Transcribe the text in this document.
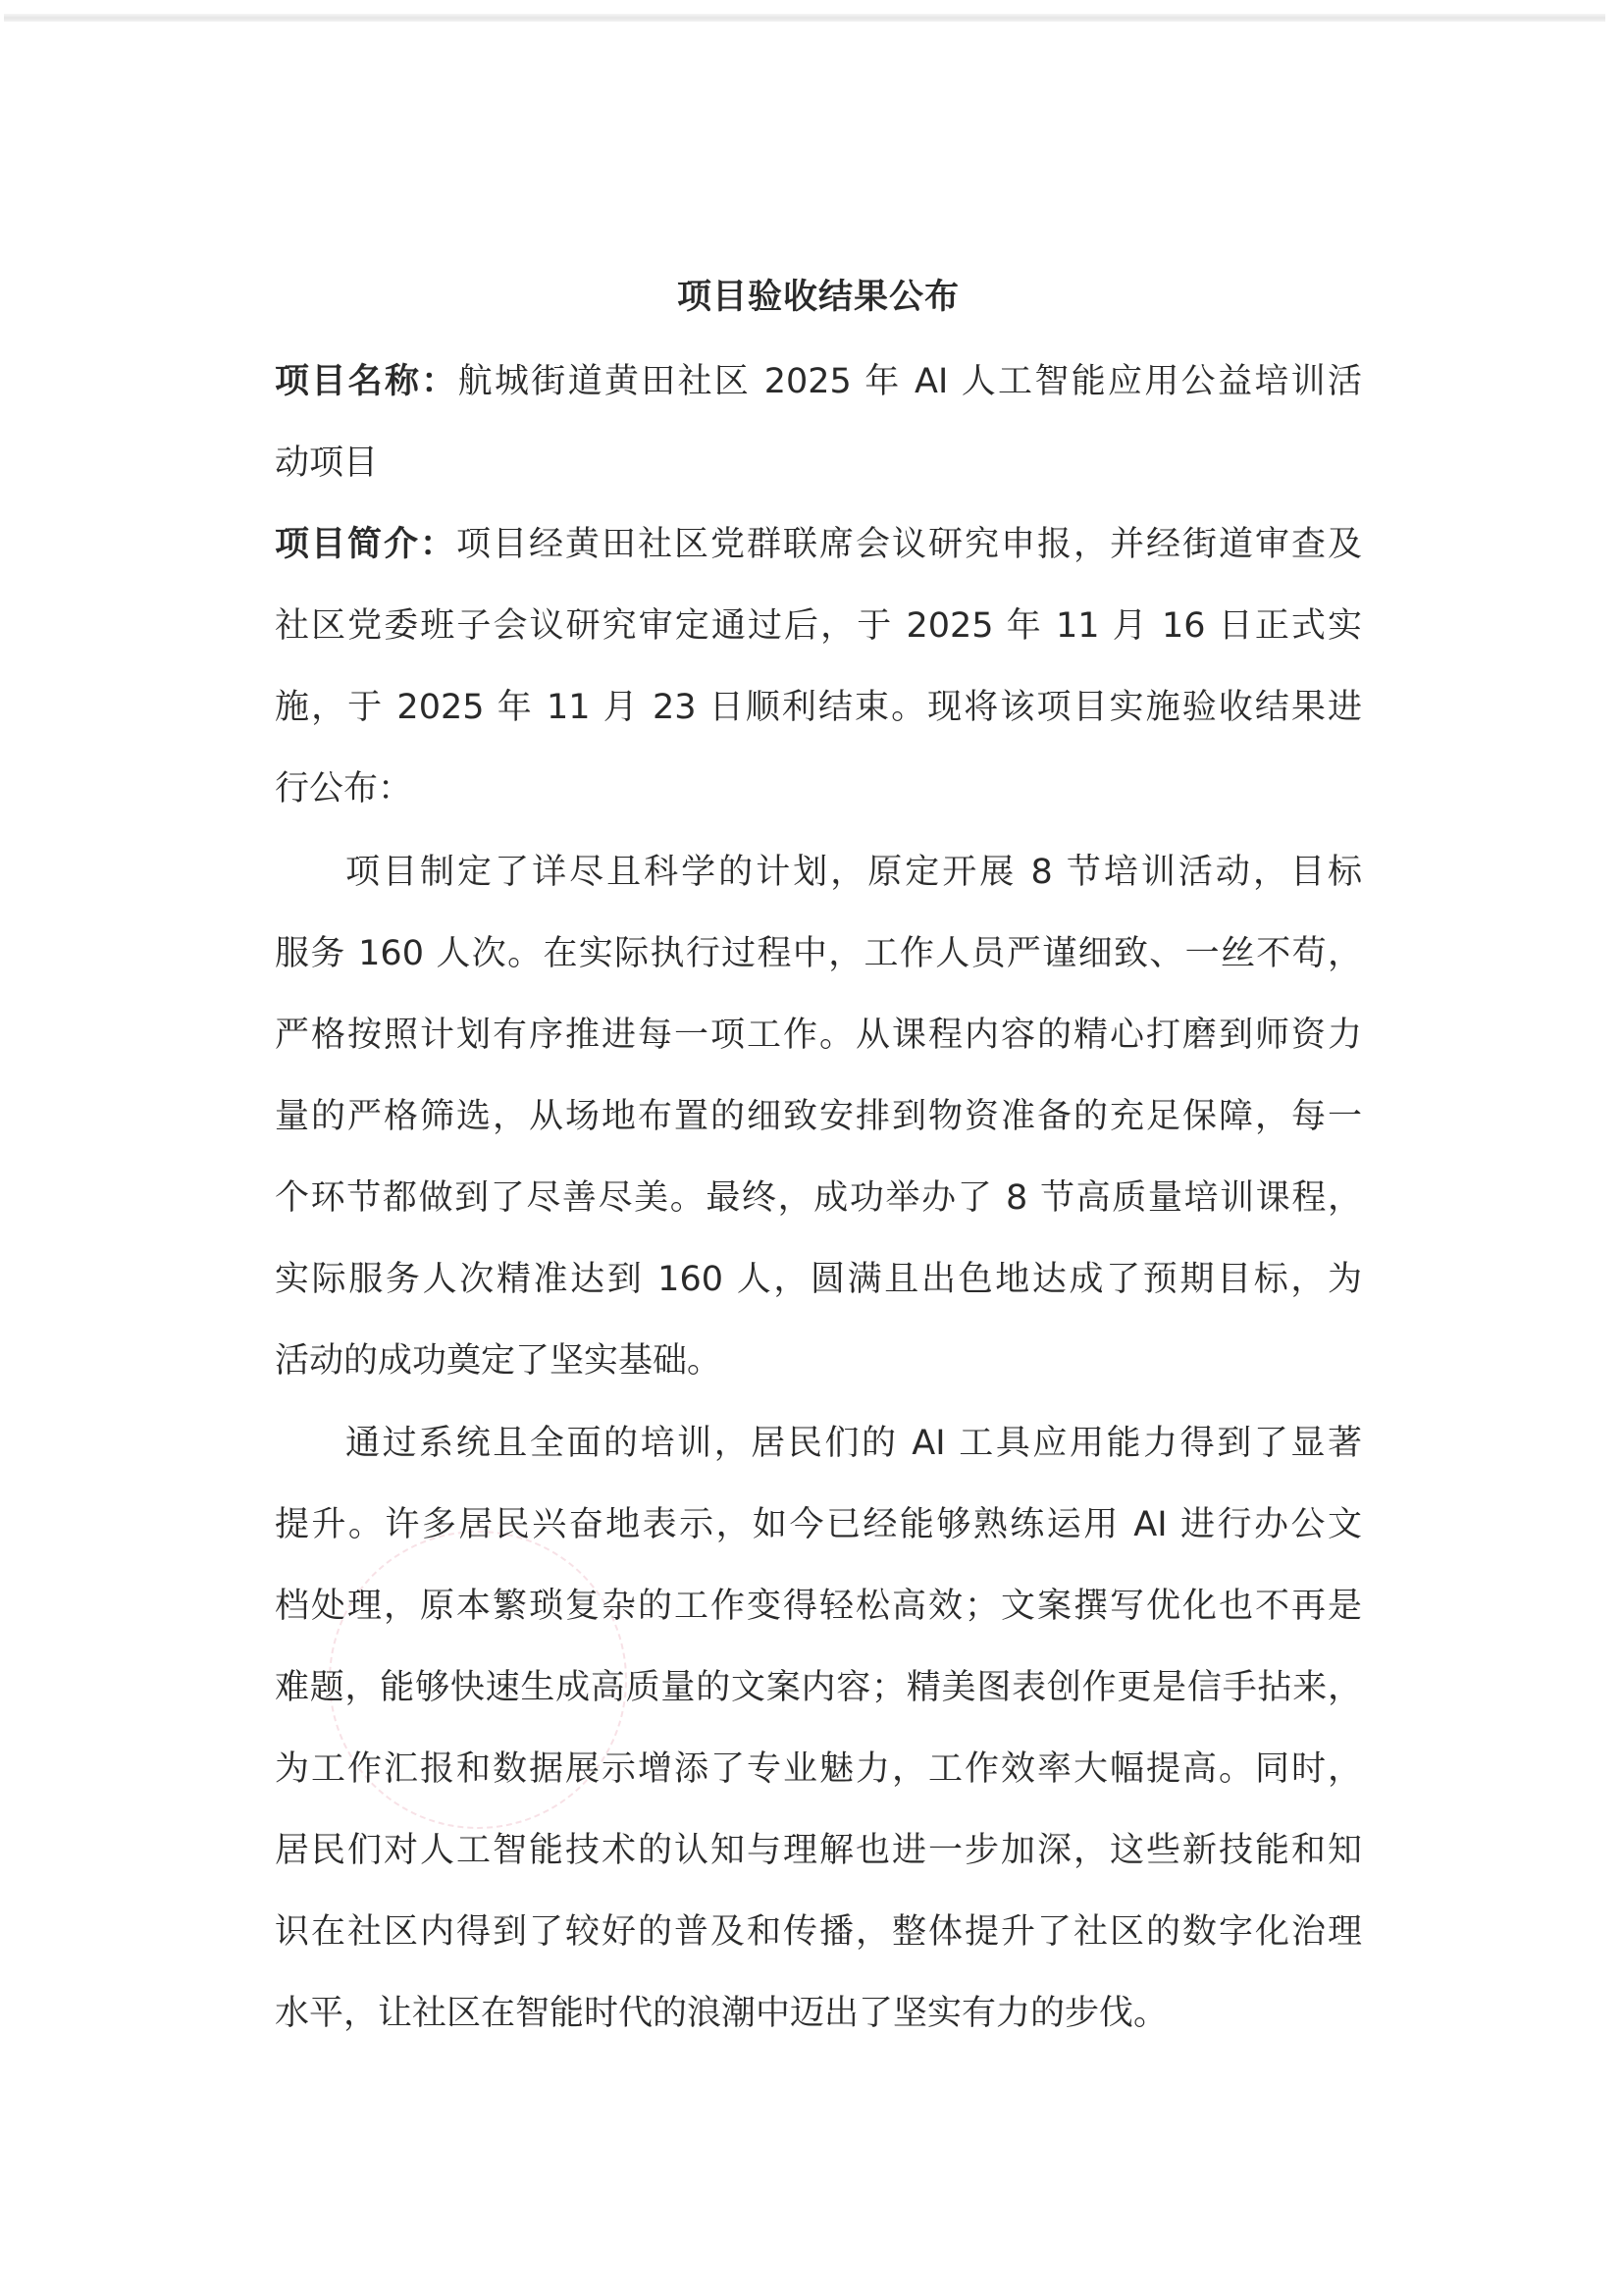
项目验收结果公布
项目名称：航城街道黄田社区 2025 年 AI 人工智能应用公益培训活
动项目
项目简介：项目经黄田社区党群联席会议研究申报，并经街道审查及
社区党委班子会议研究审定通过后，于 2025 年 11 月 16 日正式实
施，于 2025 年 11 月 23 日顺利结束。现将该项目实施验收结果进
行公布：
项目制定了详尽且科学的计划，原定开展 8 节培训活动，目标
服务 160 人次。在实际执行过程中，工作人员严谨细致、一丝不苟，
严格按照计划有序推进每一项工作。从课程内容的精心打磨到师资力
量的严格筛选，从场地布置的细致安排到物资准备的充足保障，每一
个环节都做到了尽善尽美。最终，成功举办了 8 节高质量培训课程，
实际服务人次精准达到 160 人，圆满且出色地达成了预期目标，为
活动的成功奠定了坚实基础。
通过系统且全面的培训，居民们的 AI 工具应用能力得到了显著
提升。许多居民兴奋地表示，如今已经能够熟练运用 AI 进行办公文
档处理，原本繁琐复杂的工作变得轻松高效；文案撰写优化也不再是
难题，能够快速生成高质量的文案内容；精美图表创作更是信手拈来，
为工作汇报和数据展示增添了专业魅力，工作效率大幅提高。同时，
居民们对人工智能技术的认知与理解也进一步加深，这些新技能和知
识在社区内得到了较好的普及和传播，整体提升了社区的数字化治理
水平，让社区在智能时代的浪潮中迈出了坚实有力的步伐。
